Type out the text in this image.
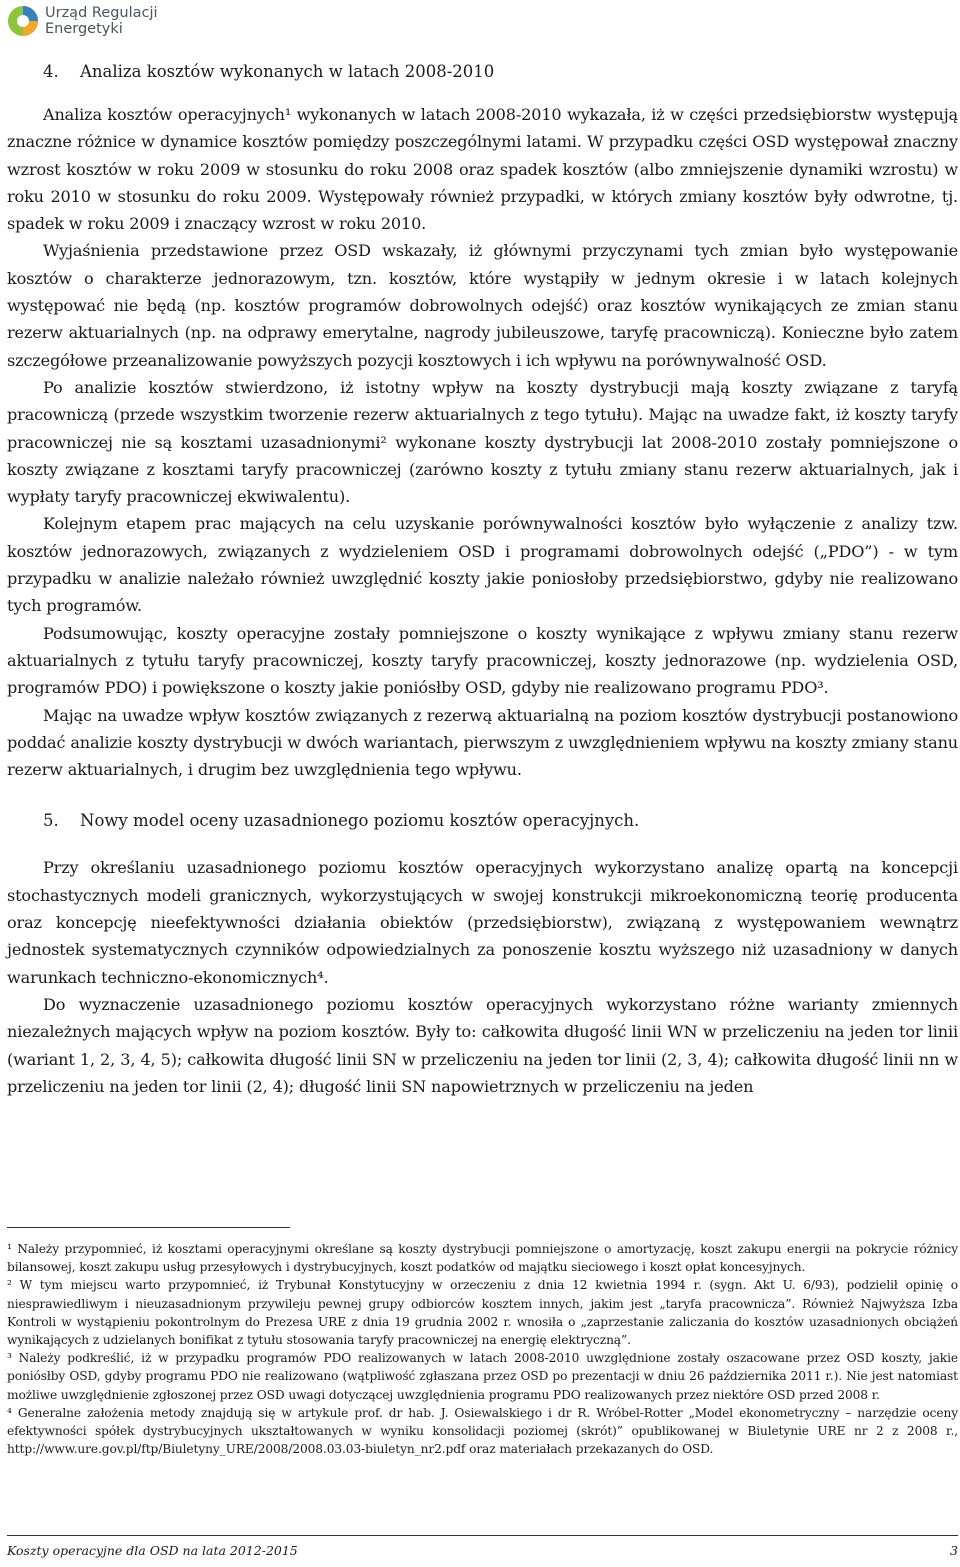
Urząd Regulacji
Energetyki
4. Analiza kosztów wykonanych w latach 2008-2010

Analiza kosztów operacyjnych¹ wykonanych w latach 2008-2010 wykazała, iż w części przedsiębiorstw występują znaczne różnice w dynamice kosztów pomiędzy poszczególnymi latami. W przypadku części OSD występował znaczny wzrost kosztów w roku 2009 w stosunku do roku 2008 oraz spadek kosztów (albo zmniejszenie dynamiki wzrostu) w roku 2010 w stosunku do roku 2009. Występowały również przypadki, w których zmiany kosztów były odwrotne, tj. spadek w roku 2009 i znaczący wzrost w roku 2010.

Wyjaśnienia przedstawione przez OSD wskazały, iż głównymi przyczynami tych zmian było występowanie kosztów o charakterze jednorazowym, tzn. kosztów, które wystąpiły w jednym okresie i w latach kolejnych występować nie będą (np. kosztów programów dobrowolnych odejść) oraz kosztów wynikających ze zmian stanu rezerw aktuarialnych (np. na odprawy emerytalne, nagrody jubileuszowe, taryfę pracowniczą). Konieczne było zatem szczegółowe przeanalizowanie powyższych pozycji kosztowych i ich wpływu na porównywalność OSD.

Po analizie kosztów stwierdzono, iż istotny wpływ na koszty dystrybucji mają koszty związane z taryfą pracowniczą (przede wszystkim tworzenie rezerw aktuarialnych z tego tytułu). Mając na uwadze fakt, iż koszty taryfy pracowniczej nie są kosztami uzasadnionymi² wykonane koszty dystrybucji lat 2008-2010 zostały pomniejszone o koszty związane z kosztami taryfy pracowniczej (zarówno koszty z tytułu zmiany stanu rezerw aktuarialnych, jak i wypłaty taryfy pracowniczej ekwiwalentu).

Kolejnym etapem prac mających na celu uzyskanie porównywalności kosztów było wyłączenie z analizy tzw. kosztów jednorazowych, związanych z wydzieleniem OSD i programami dobrowolnych odejść („PDO”) - w tym przypadku w analizie należało również uwzględnić koszty jakie poniosłoby przedsiębiorstwo, gdyby nie realizowano tych programów.

Podsumowując, koszty operacyjne zostały pomniejszone o koszty wynikające z wpływu zmiany stanu rezerw aktuarialnych z tytułu taryfy pracowniczej, koszty taryfy pracowniczej, koszty jednorazowe (np. wydzielenia OSD, programów PDO) i powiększone o koszty jakie poniósłby OSD, gdyby nie realizowano programu PDO³.

Mając na uwadze wpływ kosztów związanych z rezerwą aktuarialną na poziom kosztów dystrybucji postanowiono poddać analizie koszty dystrybucji w dwóch wariantach, pierwszym z uwzględnieniem wpływu na koszty zmiany stanu rezerw aktuarialnych, i drugim bez uwzględnienia tego wpływu.

5. Nowy model oceny uzasadnionego poziomu kosztów operacyjnych.

Przy określaniu uzasadnionego poziomu kosztów operacyjnych wykorzystano analizę opartą na koncepcji stochastycznych modeli granicznych, wykorzystujących w swojej konstrukcji mikroekonomiczną teorię producenta oraz koncepcję nieefektywności działania obiektów (przedsiębiorstw), związaną z występowaniem wewnątrz jednostek systematycznych czynników odpowiedzialnych za ponoszenie kosztu wyższego niż uzasadniony w danych warunkach techniczno-ekonomicznych⁴.

Do wyznaczenie uzasadnionego poziomu kosztów operacyjnych wykorzystano różne warianty zmiennych niezależnych mających wpływ na poziom kosztów. Były to: całkowita długość linii WN w przeliczeniu na jeden tor linii (wariant 1, 2, 3, 4, 5); całkowita długość linii SN w przeliczeniu na jeden tor linii (2, 3, 4); całkowita długość linii nn w przeliczeniu na jeden tor linii (2, 4); długość linii SN napowietrznych w przeliczeniu na jeden

¹ Należy przypomnieć, iż kosztami operacyjnymi określane są koszty dystrybucji pomniejszone o amortyzację, koszt zakupu energii na pokrycie różnicy bilansowej, koszt zakupu usług przesyłowych i dystrybucyjnych, koszt podatków od majątku sieciowego i koszt opłat koncesyjnych.

² W tym miejscu warto przypomnieć, iż Trybunał Konstytucyjny w orzeczeniu z dnia 12 kwietnia 1994 r. (sygn. Akt U. 6/93), podzielił opinię o niesprawiedliwym i nieuzasadnionym przywileju pewnej grupy odbiorców kosztem innych, jakim jest „taryfa pracownicza”. Również Najwyższa Izba Kontroli w wystąpieniu pokontrolnym do Prezesa URE z dnia 19 grudnia 2002 r. wnosiła o „zaprzestanie zaliczania do kosztów uzasadnionych obciążeń wynikających z udzielanych bonifikat z tytułu stosowania taryfy pracowniczej na energię elektryczną”.

³ Należy podkreślić, iż w przypadku programów PDO realizowanych w latach 2008-2010 uwzględnione zostały oszacowane przez OSD koszty, jakie poniósłby OSD, gdyby programu PDO nie realizowano (wątpliwość zgłaszana przez OSD po prezentacji w dniu 26 października 2011 r.). Nie jest natomiast możliwe uwzględnienie zgłoszonej przez OSD uwagi dotyczącej uwzględnienia programu PDO realizowanych przez niektóre OSD przed 2008 r.

⁴ Generalne założenia metody znajdują się w artykule prof. dr hab. J. Osiewalskiego i dr R. Wróbel-Rotter „Model ekonometryczny – narzędzie oceny efektywności spółek dystrybucyjnych ukształtowanych w wyniku konsolidacji poziomej (skrót)” opublikowanej w Biuletynie URE nr 2 z 2008 r., http://www.ure.gov.pl/ftp/Biuletyny_URE/2008/2008.03.03-biuletyn_nr2.pdf oraz materiałach przekazanych do OSD.

Koszty operacyjne dla OSD na lata 2012-2015	3
